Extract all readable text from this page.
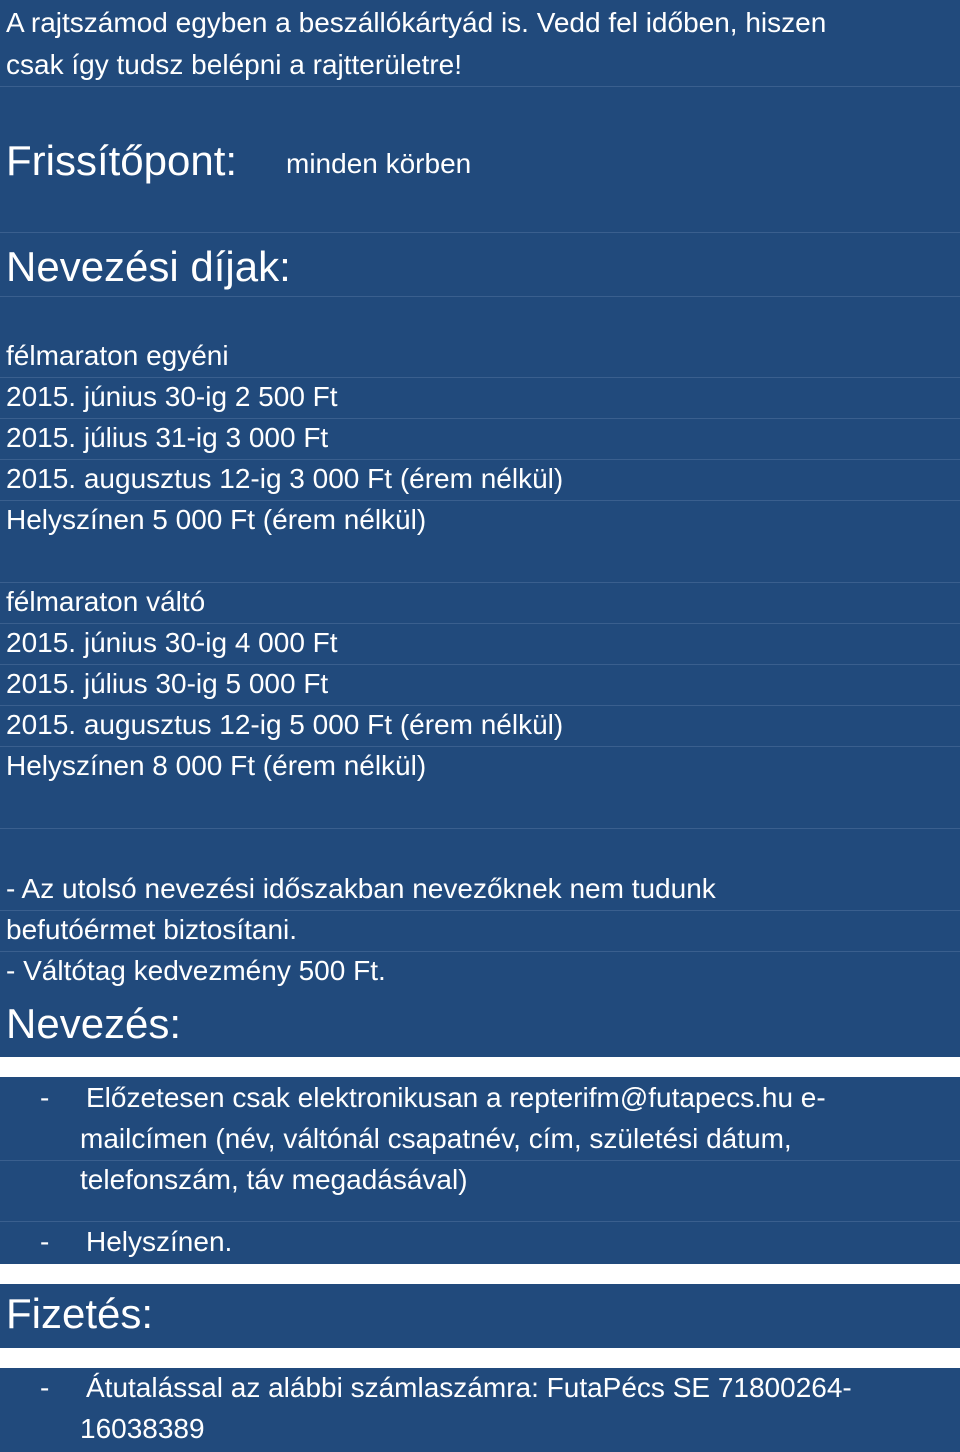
A rajtszámod egyben a beszállókártyád is. Vedd fel időben, hiszen
csak így tudsz belépni a rajtterületre!
Frissítőpont: minden körben
Nevezési díjak:
félmaraton egyéni
2015. június 30-ig 2 500 Ft
2015. július 31-ig 3 000 Ft
2015. augusztus 12-ig 3 000 Ft (érem nélkül)
Helyszínen 5 000 Ft (érem nélkül)
félmaraton váltó
2015. június 30-ig 4 000 Ft
2015. július 30-ig 5 000 Ft
2015. augusztus 12-ig 5 000 Ft (érem nélkül)
Helyszínen 8 000 Ft (érem nélkül)
- Az utolsó nevezési időszakban nevezőknek nem tudunk
befutóérmet biztosítani.
- Váltótag kedvezmény 500 Ft.
Nevezés:
- Előzetesen csak elektronikusan a repterifm@futapecs.hu e-
mailcímen (név, váltónál csapatnév, cím, születési dátum,
telefonszám, táv megadásával)
- Helyszínen.
Fizetés:
- Átutalással az alábbi számlaszámra: FutaPécs SE 71800264-
16038389
